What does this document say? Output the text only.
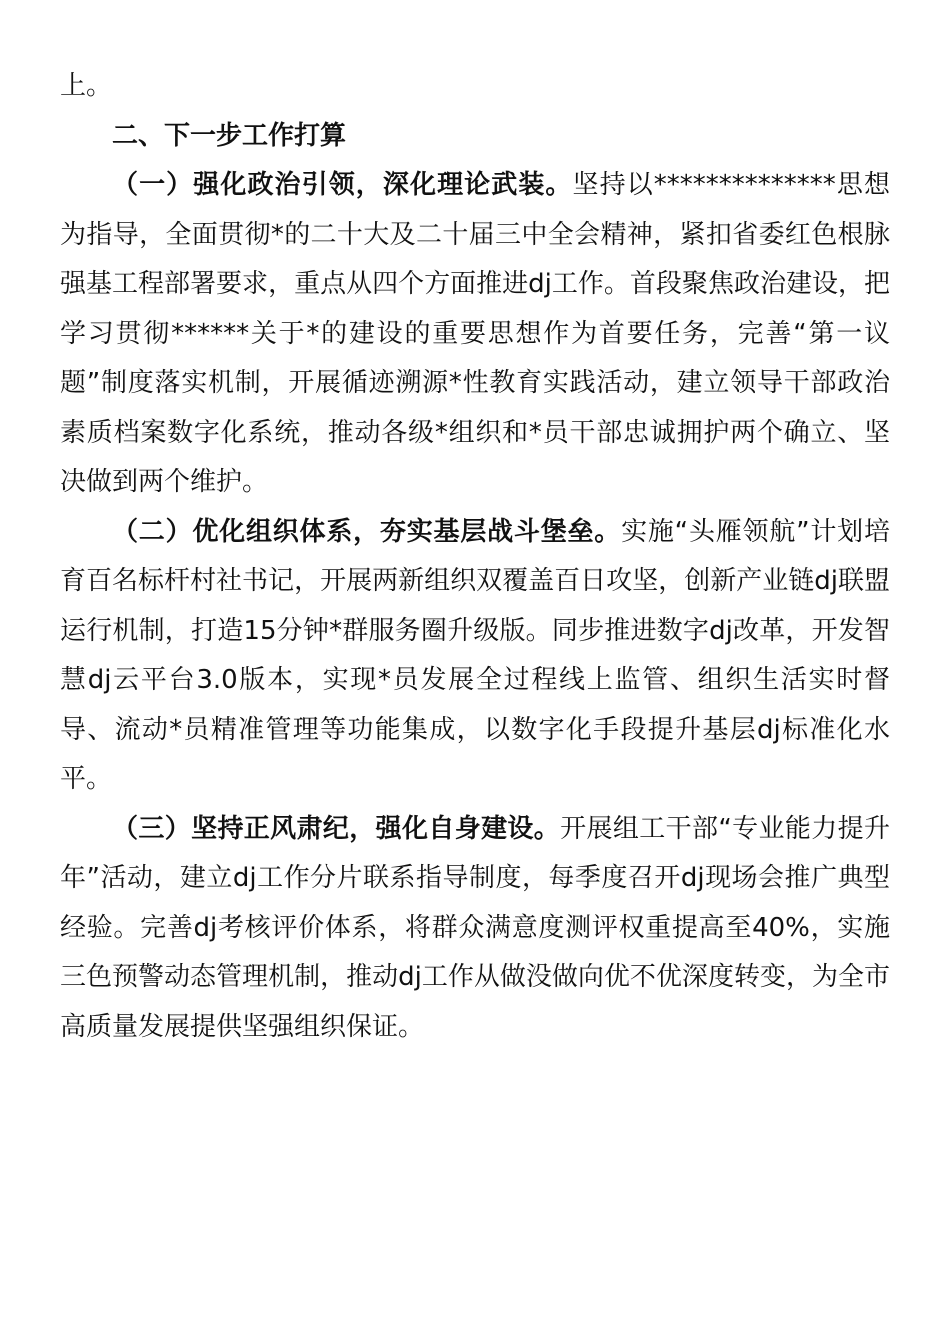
上。

二、下一步工作打算

（一）强化政治引领，深化理论武装。坚持以**************思想为指导，全面贯彻*的二十大及二十届三中全会精神，紧扣省委红色根脉强基工程部署要求，重点从四个方面推进dj工作。首段聚焦政治建设，把学习贯彻******关于*的建设的重要思想作为首要任务，完善“第一议题”制度落实机制，开展循迹溯源*性教育实践活动，建立领导干部政治素质档案数字化系统，推动各级*组织和*员干部忠诚拥护两个确立、坚决做到两个维护。

（二）优化组织体系，夯实基层战斗堡垒。实施“头雁领航”计划培育百名标杆村社书记，开展两新组织双覆盖百日攻坚，创新产业链dj联盟运行机制，打造15分钟*群服务圈升级版。同步推进数字dj改革，开发智慧dj云平台3.0版本，实现*员发展全过程线上监管、组织生活实时督导、流动*员精准管理等功能集成，以数字化手段提升基层dj标准化水平。

（三）坚持正风肃纪，强化自身建设。开展组工干部“专业能力提升年”活动，建立dj工作分片联系指导制度，每季度召开dj现场会推广典型经验。完善dj考核评价体系，将群众满意度测评权重提高至40%，实施三色预警动态管理机制，推动dj工作从做没做向优不优深度转变，为全市高质量发展提供坚强组织保证。
